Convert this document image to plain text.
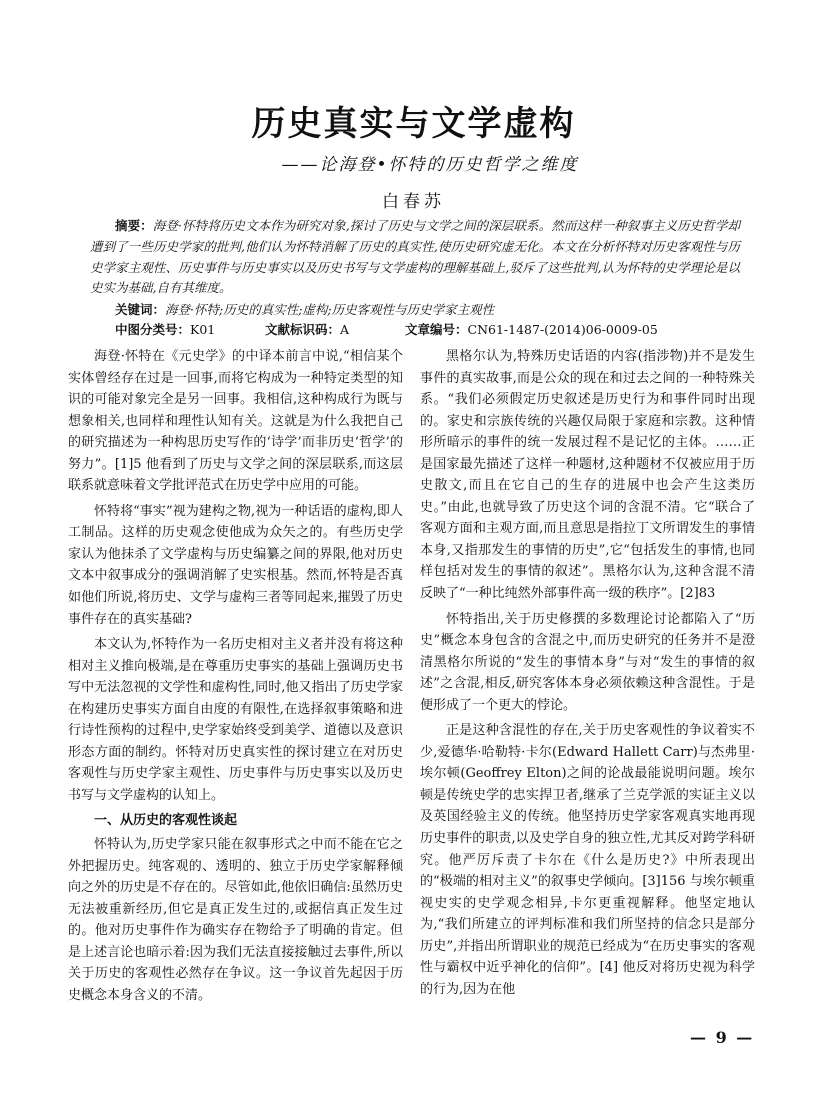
历史真实与文学虚构
——论海登•怀特的历史哲学之维度
白春苏
摘要：海登·怀特将历史文本作为研究对象,探讨了历史与文学之间的深层联系。然而这样一种叙事主义历史哲学却遭到了一些历史学家的批判,他们认为怀特消解了历史的真实性,使历史研究虚无化。本文在分析怀特对历史客观性与历史学家主观性、历史事件与历史事实以及历史书写与文学虚构的理解基础上,驳斥了这些批判,认为怀特的史学理论是以史实为基础,自有其维度。
关键词：海登·怀特;历史的真实性;虚构;历史客观性与历史学家主观性
中图分类号：K01	文献标识码：A	文章编号：CN61-1487-(2014)06-0009-05

海登·怀特在《元史学》的中译本前言中说,“相信某个实体曾经存在过是一回事,而将它构成为一种特定类型的知识的可能对象完全是另一回事。我相信,这种构成行为既与想象相关,也同样和理性认知有关。这就是为什么我把自己的研究描述为一种构思历史写作的‘诗学’而非历史‘哲学’的努力”。[1]5 他看到了历史与文学之间的深层联系,而这层联系就意味着文学批评范式在历史学中应用的可能。

怀特将“事实”视为建构之物,视为一种话语的虚构,即人工制品。这样的历史观念使他成为众矢之的。有些历史学家认为他抹杀了文学虚构与历史编纂之间的界限,他对历史文本中叙事成分的强调消解了史实根基。然而,怀特是否真如他们所说,将历史、文学与虚构三者等同起来,摧毁了历史事件存在的真实基础?

本文认为,怀特作为一名历史相对主义者并没有将这种相对主义推向极端,是在尊重历史事实的基础上强调历史书写中无法忽视的文学性和虚构性,同时,他又指出了历史学家在构建历史事实方面自由度的有限性,在选择叙事策略和进行诗性预构的过程中,史学家始终受到美学、道德以及意识形态方面的制约。怀特对历史真实性的探讨建立在对历史客观性与历史学家主观性、历史事件与历史事实以及历史书写与文学虚构的认知上。

一、从历史的客观性谈起

怀特认为,历史学家只能在叙事形式之中而不能在它之外把握历史。纯客观的、透明的、独立于历史学家解释倾向之外的历史是不存在的。尽管如此,他依旧确信:虽然历史无法被重新经历,但它是真正发生过的,或据信真正发生过的。他对历史事件作为确实存在物给予了明确的肯定。但是上述言论也暗示着:因为我们无法直接接触过去事件,所以关于历史的客观性必然存在争议。这一争议首先起因于历史概念本身含义的不清。

黑格尔认为,特殊历史话语的内容(指涉物)并不是发生事件的真实故事,而是公众的现在和过去之间的一种特殊关系。“我们必须假定历史叙述是历史行为和事件同时出现的。家史和宗族传统的兴趣仅局限于家庭和宗教。这种情形所暗示的事件的统一发展过程不是记忆的主体。……正是国家最先描述了这样一种题材,这种题材不仅被应用于历史散文,而且在它自己的生存的进展中也会产生这类历史。”由此,也就导致了历史这个词的含混不清。它“联合了客观方面和主观方面,而且意思是指拉丁文所谓发生的事情本身,又指那发生的事情的历史”,它“包括发生的事情,也同样包括对发生的事情的叙述”。黑格尔认为,这种含混不清反映了“一种比纯然外部事件高一级的秩序”。[2]83

怀特指出,关于历史修撰的多数理论讨论都陷入了“历史”概念本身包含的含混之中,而历史研究的任务并不是澄清黑格尔所说的“发生的事情本身”与对“发生的事情的叙述”之含混,相反,研究客体本身必须依赖这种含混性。于是便形成了一个更大的悖论。

正是这种含混性的存在,关于历史客观性的争议着实不少,爱德华·哈勒特·卡尔(Edward Hallett Carr)与杰弗里·埃尔顿(Geoffrey Elton)之间的论战最能说明问题。埃尔顿是传统史学的忠实捍卫者,继承了兰克学派的实证主义以及英国经验主义的传统。他坚持历史学家客观真实地再现历史事件的职责,以及史学自身的独立性,尤其反对跨学科研究。他严厉斥责了卡尔在《什么是历史?》中所表现出的“极端的相对主义”的叙事史学倾向。[3]156 与埃尔顿重视史实的史学观念相异,卡尔更重视解释。他坚定地认为,“我们所建立的评判标准和我们所坚持的信念只是部分历史”,并指出所谓职业的规范已经成为“在历史事实的客观性与霸权中近乎神化的信仰”。[4] 他反对将历史视为科学的行为,因为在他

— 9 —
